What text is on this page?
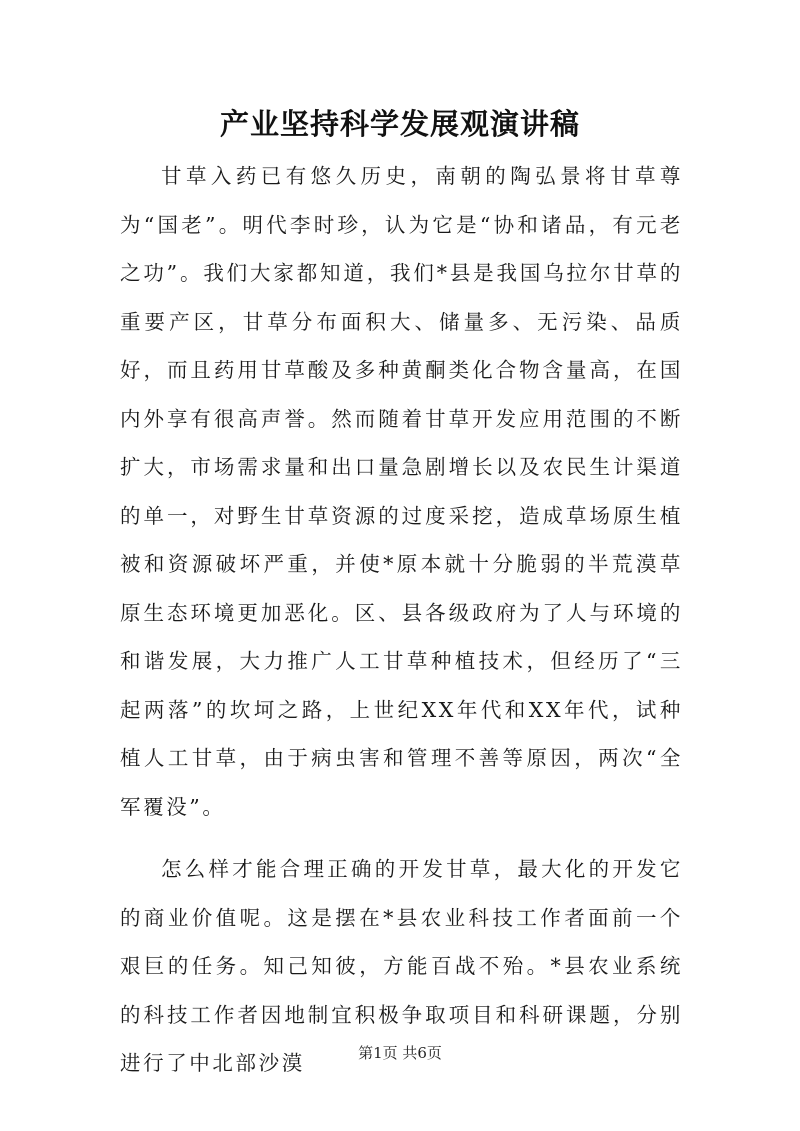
产业坚持科学发展观演讲稿

甘草入药已有悠久历史，南朝的陶弘景将甘草尊为“国老”。明代李时珍，认为它是“协和诸品，有元老之功”。我们大家都知道，我们*县是我国乌拉尔甘草的重要产区，甘草分布面积大、储量多、无污染、品质好，而且药用甘草酸及多种黄酮类化合物含量高，在国内外享有很高声誉。然而随着甘草开发应用范围的不断扩大，市场需求量和出口量急剧增长以及农民生计渠道的单一，对野生甘草资源的过度采挖，造成草场原生植被和资源破坏严重，并使*原本就十分脆弱的半荒漠草原生态环境更加恶化。区、县各级政府为了人与环境的和谐发展，大力推广人工甘草种植技术，但经历了“三起两落”的坎坷之路，上世纪XX年代和XX年代，试种植人工甘草，由于病虫害和管理不善等原因，两次“全军覆没”。

怎么样才能合理正确的开发甘草，最大化的开发它的商业价值呢。这是摆在*县农业科技工作者面前一个艰巨的任务。知己知彼，方能百战不殆。*县农业系统的科技工作者因地制宜积极争取项目和科研课题，分别进行了中北部沙漠	第1页 共6页
